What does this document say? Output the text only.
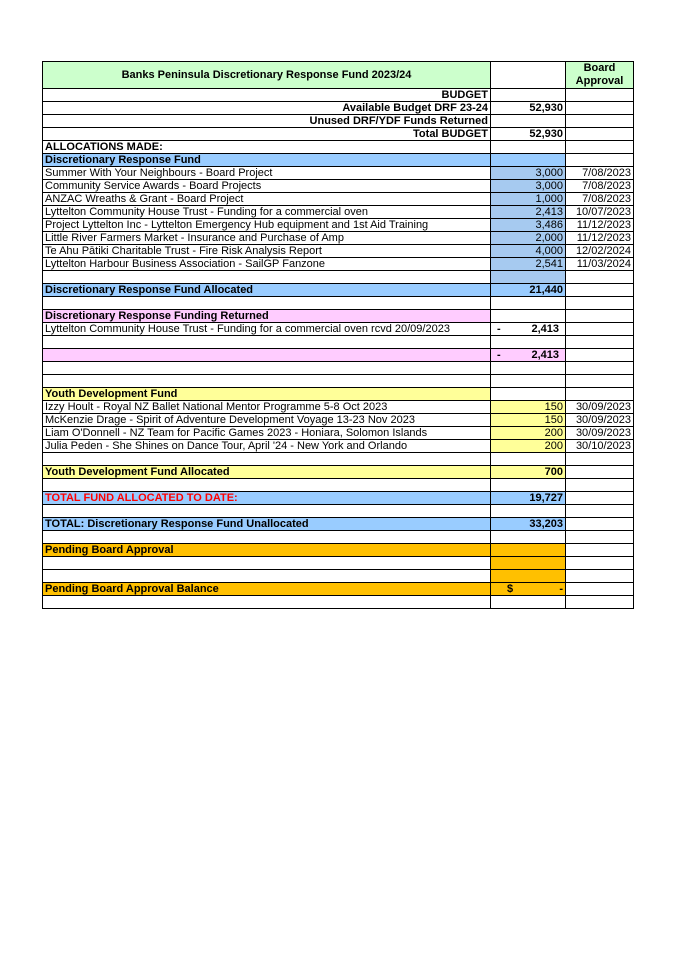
Banks Peninsula Discretionary Response Fund 2023/24		Board Approval
BUDGET		
Available Budget DRF 23-24	52,930	
Unused DRF/YDF Funds Returned		
Total BUDGET	52,930	
ALLOCATIONS MADE:		
Discretionary Response Fund		
Summer With Your Neighbours - Board Project	3,000	7/08/2023
Community Service Awards - Board Projects	3,000	7/08/2023
ANZAC Wreaths & Grant - Board Project	1,000	7/08/2023
Lyttelton Community House Trust - Funding for a commercial oven	2,413	10/07/2023
Project Lyttelton Inc - Lyttelton Emergency Hub equipment and 1st Aid Training	3,486	11/12/2023
Little River Farmers Market - Insurance and Purchase of Amp	2,000	11/12/2023
Te Ahu Pātiki Charitable Trust - Fire Risk Analysis Report	4,000	12/02/2024
Lyttelton Harbour Business Association - SailGP Fanzone	2,541	11/03/2024

Discretionary Response Fund Allocated	21,440	

Discretionary Response Funding Returned		
Lyttelton Community House Trust - Funding for a commercial oven rcvd 20/09/2023	- 2,413	

	- 2,413	

Youth Development Fund		
Izzy Hoult - Royal NZ Ballet National Mentor Programme 5-8 Oct 2023	150	30/09/2023
McKenzie Drage - Spirit of Adventure Development Voyage 13-23 Nov 2023	150	30/09/2023
Liam O'Donnell - NZ Team for Pacific Games 2023 - Honiara, Solomon Islands	200	30/09/2023
Julia Peden - She Shines on Dance Tour, April '24 - New York and Orlando	200	30/10/2023

Youth Development Fund Allocated	700	

TOTAL FUND ALLOCATED TO DATE:	19,727	

TOTAL: Discretionary Response Fund Unallocated	33,203	

Pending Board Approval		

Pending Board Approval Balance	$ -	
